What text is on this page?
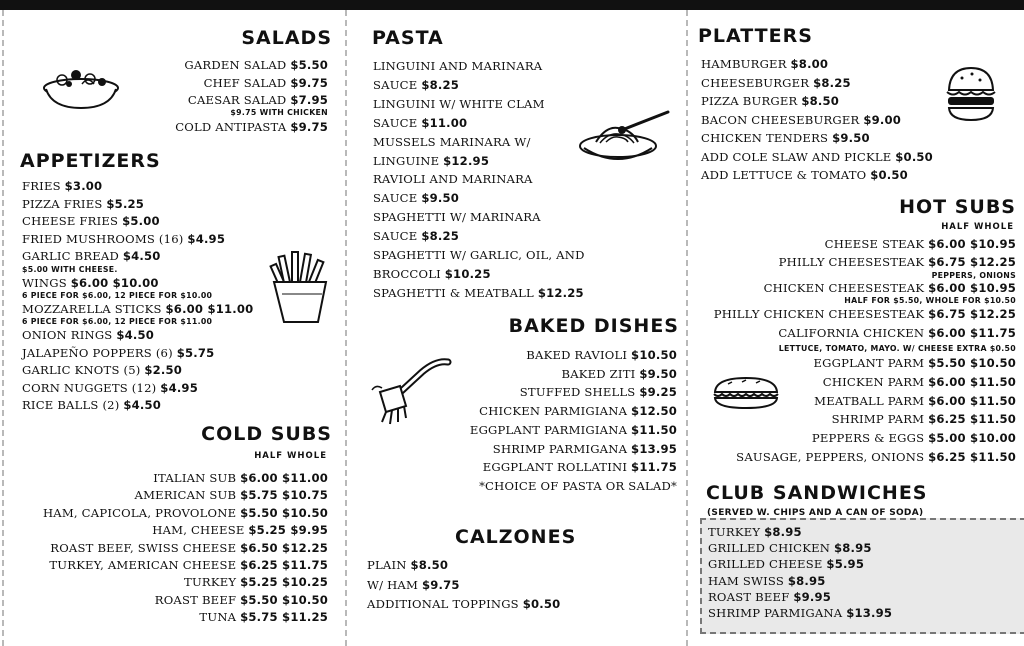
SALADS
GARDEN SALAD $5.50
CHEF SALAD $9.75
CAESAR SALAD $7.95
$9.75 WITH CHICKEN
COLD ANTIPASTA $9.75
APPETIZERS
FRIES $3.00
PIZZA FRIES $5.25
CHEESE FRIES $5.00
FRIED MUSHROOMS (16) $4.95
GARLIC BREAD $4.50
$5.00 WITH CHEESE.
WINGS $6.00 $10.00
6 PIECE FOR $6.00, 12 PIECE FOR $10.00
MOZZARELLA STICKS $6.00 $11.00
6 PIECE FOR $6.00, 12 PIECE FOR $11.00
ONION RINGS $4.50
JALAPEÑO POPPERS (6) $5.75
GARLIC KNOTS (5) $2.50
CORN NUGGETS (12) $4.95
RICE BALLS (2) $4.50
COLD SUBS
HALF WHOLE
ITALIAN SUB $6.00 $11.00
AMERICAN SUB $5.75 $10.75
HAM, CAPICOLA, PROVOLONE $5.50 $10.50
HAM, CHEESE $5.25 $9.95
ROAST BEEF, SWISS CHEESE $6.50 $12.25
TURKEY, AMERICAN CHEESE $6.25 $11.75
TURKEY $5.25 $10.25
ROAST BEEF $5.50 $10.50
TUNA $5.75 $11.25
PASTA
LINGUINI AND MARINARA
SAUCE $8.25
LINGUINI W/ WHITE CLAM
SAUCE $11.00
MUSSELS MARINARA W/
LINGUINE $12.95
RAVIOLI AND MARINARA
SAUCE $9.50
SPAGHETTI W/ MARINARA
SAUCE $8.25
SPAGHETTI W/ GARLIC, OIL, AND
BROCCOLI $10.25
SPAGHETTI & MEATBALL $12.25
BAKED DISHES
BAKED RAVIOLI $10.50
BAKED ZITI $9.50
STUFFED SHELLS $9.25
CHICKEN PARMIGIANA $12.50
EGGPLANT PARMIGIANA $11.50
SHRIMP PARMIGANA $13.95
EGGPLANT ROLLATINI $11.75
*CHOICE OF PASTA OR SALAD*
CALZONES
PLAIN $8.50
W/ HAM $9.75
ADDITIONAL TOPPINGS $0.50
PLATTERS
HAMBURGER $8.00
CHEESEBURGER $8.25
PIZZA BURGER $8.50
BACON CHEESEBURGER $9.00
CHICKEN TENDERS $9.50
ADD COLE SLAW AND PICKLE $0.50
ADD LETTUCE & TOMATO $0.50
HOT SUBS
HALF WHOLE
CHEESE STEAK $6.00 $10.95
PHILLY CHEESESTEAK $6.75 $12.25
PEPPERS, ONIONS
CHICKEN CHEESESTEAK $6.00 $10.95
HALF FOR $5.50, WHOLE FOR $10.50
PHILLY CHICKEN CHEESESTEAK $6.75 $12.25
CALIFORNIA CHICKEN $6.00 $11.75
LETTUCE, TOMATO, MAYO. W/ CHEESE EXTRA $0.50
EGGPLANT PARM $5.50 $10.50
CHICKEN PARM $6.00 $11.50
MEATBALL PARM $6.00 $11.50
SHRIMP PARM $6.25 $11.50
PEPPERS & EGGS $5.00 $10.00
SAUSAGE, PEPPERS, ONIONS $6.25 $11.50
CLUB SANDWICHES
(SERVED W. CHIPS AND A CAN OF SODA)
TURKEY $8.95
GRILLED CHICKEN $8.95
GRILLED CHEESE $5.95
HAM SWISS $8.95
ROAST BEEF $9.95
SHRIMP PARMIGANA $13.95
